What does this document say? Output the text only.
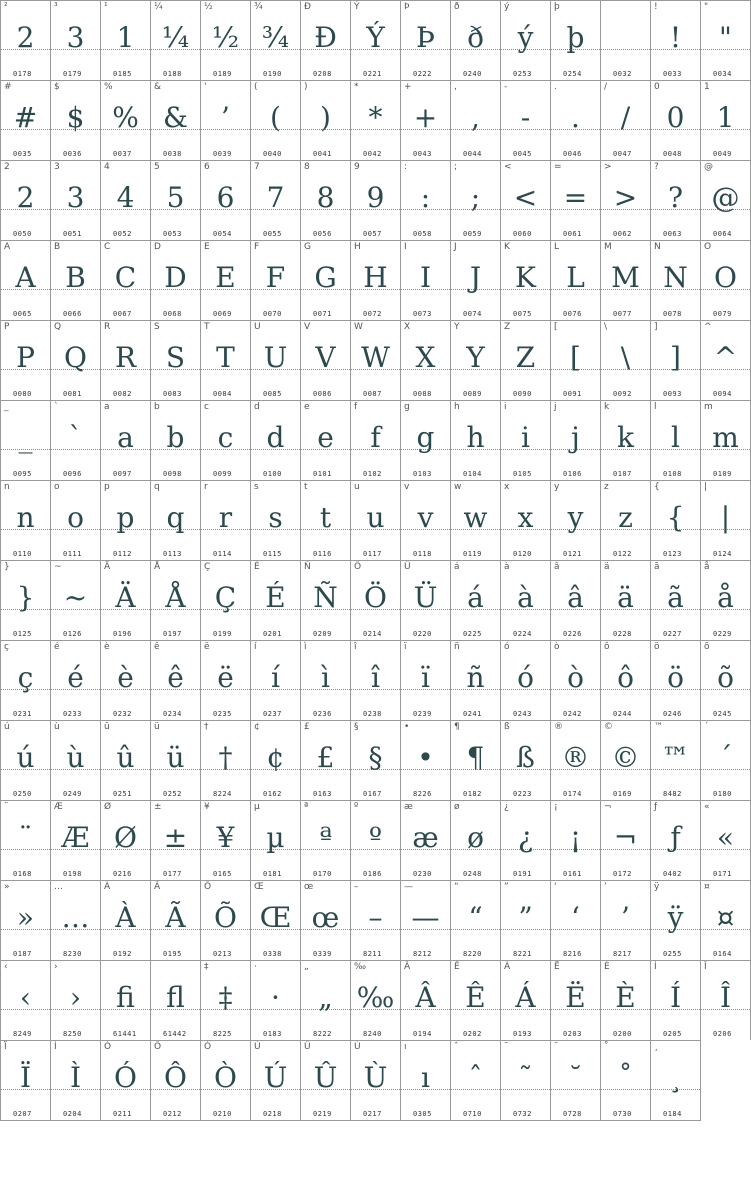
²
2
0178
³
3
0179
¹
1
0185
¼
¼
0188
½
½
0189
¾
¾
0190
Ð
Ð
0208
Ý
Ý
0221
Þ
Þ
0222
ð
ð
0240
ý
ý
0253
þ
þ
0254	0032
!
!
0033
"
"
0034
#
#
0035
$
$
0036
%
%
0037
&
&
0038
'
’
0039
(
(
0040
)
)
0041
*
*
0042
+
+
0043
,
,
0044
-
-
0045
.
.
0046
/
/
0047
0
0
0048
1
1
0049
2
2
0050
3
3
0051
4
4
0052
5
5
0053
6
6
0054
7
7
0055
8
8
0056
9
9
0057
:
:
0058
;
;
0059
<
<
0060
=
=
0061
>
>
0062
?
?
0063
@
@
0064
A
A
0065
B
B
0066
C
C
0067
D
D
0068
E
E
0069
F
F
0070
G
G
0071
H
H
0072
I
I
0073
J
J
0074
K
K
0075
L
L
0076
M
M
0077
N
N
0078
O
O
0079
P
P
0080
Q
Q
0081
R
R
0082
S
S
0083
T
T
0084
U
U
0085
V
V
0086
W
W
0087
X
X
0088
Y
Y
0089
Z
Z
0090
[
[
0091
\
\
0092
]
]
0093
^
^
0094
_
_
0095
`
`
0096
a
a
0097
b
b
0098
c
c
0099
d
d
0100
e
e
0101
f
f
0102
g
g
0103
h
h
0104
i
i
0105
j
j
0106
k
k
0107
l
l
0108
m
m
0109
n
n
0110
o
o
0111
p
p
0112
q
q
0113
r
r
0114
s
s
0115
t
t
0116
u
u
0117
v
v
0118
w
w
0119
x
x
0120
y
y
0121
z
z
0122
{
{
0123
|
|
0124
}
}
0125
~
~
0126
Ä
Ä
0196
Å
Å
0197
Ç
Ç
0199
É
É
0201
Ñ
Ñ
0209
Ö
Ö
0214
Ü
Ü
0220
á
á
0225
à
à
0224
â
â
0226
ä
ä
0228
ã
ã
0227
å
å
0229
ç
ç
0231
é
é
0233
è
è
0232
ê
ê
0234
ë
ë
0235
í
í
0237
ì
ì
0236
î
î
0238
ï
ï
0239
ñ
ñ
0241
ó
ó
0243
ò
ò
0242
ô
ô
0244
ö
ö
0246
õ
õ
0245
ú
ú
0250
ù
ù
0249
û
û
0251
ü
ü
0252
†
†
8224
¢
¢
0162
£
£
0163
§
§
0167
•
•
8226
¶
¶
0182
ß
ß
0223
®
®
0174
©
©
0169
™
™
8482
´
´
0180
¨
¨
0168
Æ
Æ
0198
Ø
Ø
0216
±
±
0177
¥
¥
0165
µ
µ
0181
ª
ª
0170
º
º
0186
æ
æ
0230
ø
ø
0248
¿
¿
0191
¡
¡
0161
¬
¬
0172
ƒ
ƒ
0402
«
«
0171
»
»
0187
…
…
8230
À
À
0192
Ã
Ã
0195
Õ
Õ
0213
Œ
Œ
0338
œ
œ
0339
–
–
8211
—
—
8212
“
“
8220
”
”
8221
‘
‘
8216
’
’
8217
ÿ
ÿ
0255
¤
¤
0164
‹
‹
8249
›
›
8250
ﬁ
61441
ﬂ
61442
‡
‡
8225
·
·
0183
„
„
8222
‰
‰
8240
Â
Â
0194
Ê
Ê
0202
Á
Á
0193
Ë
Ë
0203
È
È
0200
Í
Í
0205
Î
Î
0206
Ï
Ï
0207
Ì
Ì
0204
Ó
Ó
0211
Ô
Ô
0212
Ò
Ò
0210
Ú
Ú
0218
Û
Û
0219
Ù
Ù
0217
ı
ı
0305
ˆ
ˆ
0710
˜
˜
0732
˘
˘
0728
˚
˚
0730
¸
¸
0184
